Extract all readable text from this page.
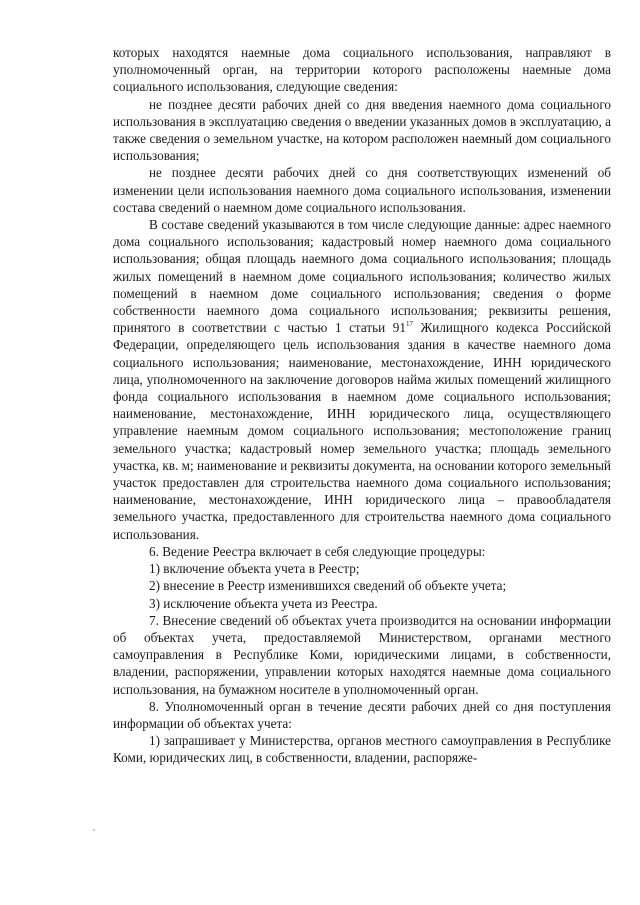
которых находятся наемные дома социального использования, направляют в уполномоченный орган, на территории которого расположены наемные дома социального использования, следующие сведения:

не позднее десяти рабочих дней со дня введения наемного дома социального использования в эксплуатацию сведения о введении указанных домов в эксплуатацию, а также сведения о земельном участке, на котором расположен наемный дом социального использования;

не позднее десяти рабочих дней со дня соответствующих изменений об изменении цели использования наемного дома социального использования, изменении состава сведений о наемном доме социального использования.

В составе сведений указываются в том числе следующие данные: адрес наемного дома социального использования; кадастровый номер наемного дома социального использования; общая площадь наемного дома социального использования; площадь жилых помещений в наемном доме социального использования; количество жилых помещений в наемном доме социального использования; сведения о форме собственности наемного дома социального использования; реквизиты решения, принятого в соответствии с частью 1 статьи $91^{17}$ Жилищного кодекса Российской Федерации, определяющего цель использования здания в качестве наемного дома социального использования; наименование, местонахождение, ИНН юридического лица, уполномоченного на заключение договоров найма жилых помещений жилищного фонда социального использования в наемном доме социального использования; наименование, местонахождение, ИНН юридического лица, осуществляющего управление наемным домом социального использования; местоположение границ земельного участка; кадастровый номер земельного участка; площадь земельного участка, кв. м; наименование и реквизиты документа, на основании которого земельный участок предоставлен для строительства наемного дома социального использования; наименование, местонахождение, ИНН юридического лица – правообладателя земельного участка, предоставленного для строительства наемного дома социального использования.

6. Ведение Реестра включает в себя следующие процедуры:

1) включение объекта учета в Реестр;

2) внесение в Реестр изменившихся сведений об объекте учета;

3) исключение объекта учета из Реестра.

7. Внесение сведений об объектах учета производится на основании информации об объектах учета, предоставляемой Министерством, органами местного самоуправления в Республике Коми, юридическими лицами, в собственности, владении, распоряжении, управлении которых находятся наемные дома социального использования, на бумажном носителе в уполномоченный орган.

8. Уполномоченный орган в течение десяти рабочих дней со дня поступления информации об объектах учета:

1) запрашивает у Министерства, органов местного самоуправления в Республике Коми, юридических лиц, в собственности, владении, распоряже-
